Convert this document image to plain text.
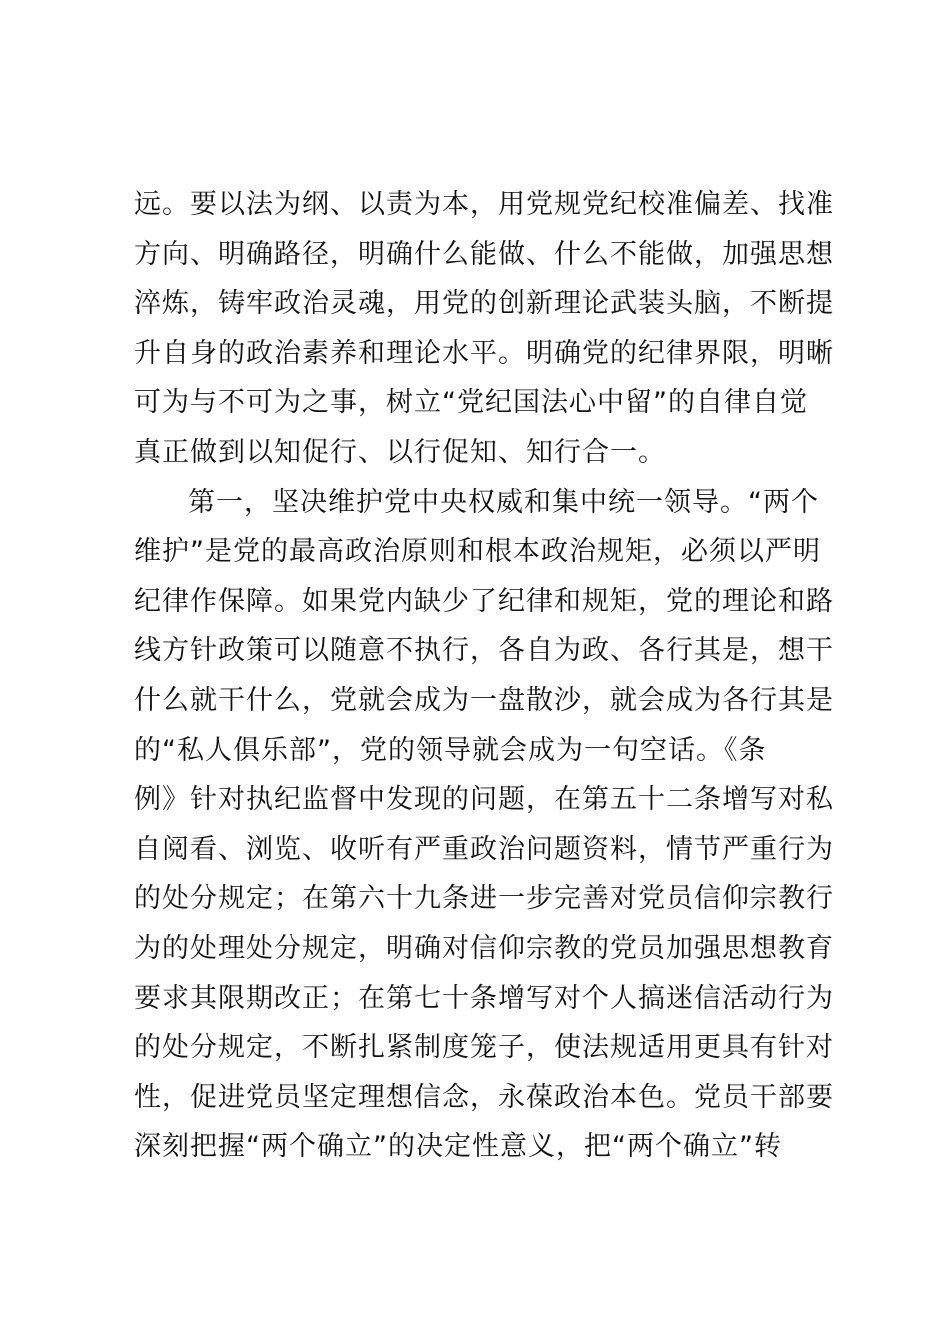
远。要以法为纲、以责为本，用党规党纪校准偏差、找准
方向、明确路径，明确什么能做、什么不能做，加强思想
淬炼，铸牢政治灵魂，用党的创新理论武装头脑，不断提
升自身的政治素养和理论水平。明确党的纪律界限，明晰
可为与不可为之事，树立“党纪国法心中留”的自律自觉
真正做到以知促行、以行促知、知行合一。
第一，坚决维护党中央权威和集中统一领导。“两个
维护”是党的最高政治原则和根本政治规矩，必须以严明
纪律作保障。如果党内缺少了纪律和规矩，党的理论和路
线方针政策可以随意不执行，各自为政、各行其是，想干
什么就干什么，党就会成为一盘散沙，就会成为各行其是
的“私人俱乐部”，党的领导就会成为一句空话。《条
例》针对执纪监督中发现的问题，在第五十二条增写对私
自阅看、浏览、收听有严重政治问题资料，情节严重行为
的处分规定；在第六十九条进一步完善对党员信仰宗教行
为的处理处分规定，明确对信仰宗教的党员加强思想教育
要求其限期改正；在第七十条增写对个人搞迷信活动行为
的处分规定，不断扎紧制度笼子，使法规适用更具有针对
性，促进党员坚定理想信念，永葆政治本色。党员干部要
深刻把握“两个确立”的决定性意义，把“两个确立”转
